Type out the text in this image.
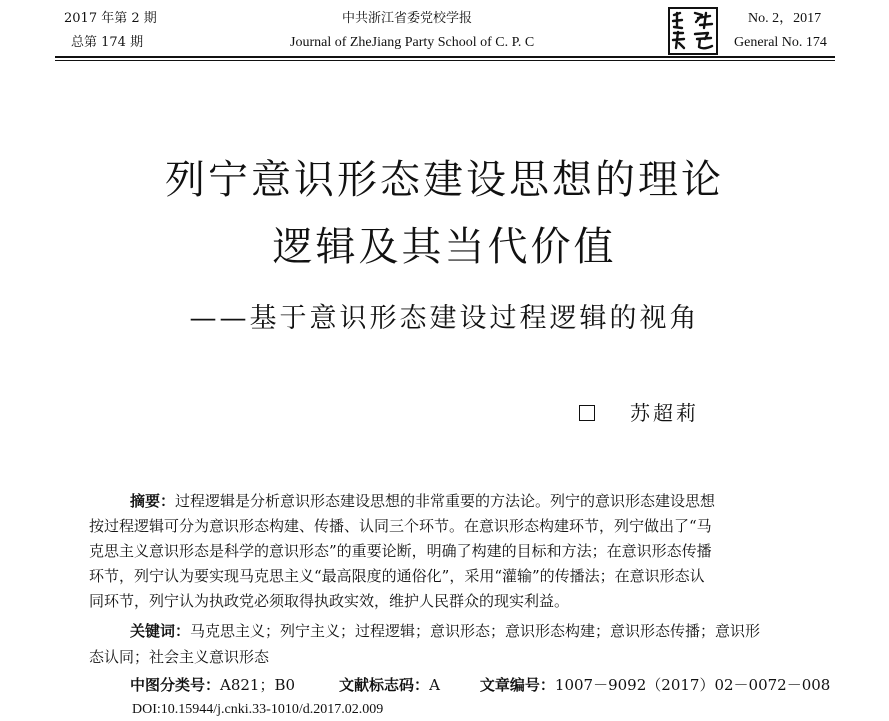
2017 年第 2 期
总第 174 期
中共浙江省委党校学报
Journal of ZheJiang Party School of C. P. C
No. 2，2017
General No. 174
列宁意识形态建设思想的理论
逻辑及其当代价值
——基于意识形态建设过程逻辑的视角
苏超莉
摘要：过程逻辑是分析意识形态建设思想的非常重要的方法论。列宁的意识形态建设思想
按过程逻辑可分为意识形态构建、传播、认同三个环节。在意识形态构建环节，列宁做出了“马
克思主义意识形态是科学的意识形态”的重要论断，明确了构建的目标和方法；在意识形态传播
环节，列宁认为要实现马克思主义“最高限度的通俗化”，采用“灌输”的传播法；在意识形态认
同环节，列宁认为执政党必须取得执政实效，维护人民群众的现实利益。
关键词：马克思主义；列宁主义；过程逻辑；意识形态；意识形态构建；意识形态传播；意识形
态认同；社会主义意识形态
中图分类号：A821；B0	文献标志码：A	文章编号：1007－9092（2017）02－0072－008
DOI:10.15944/j.cnki.33-1010/d.2017.02.009
